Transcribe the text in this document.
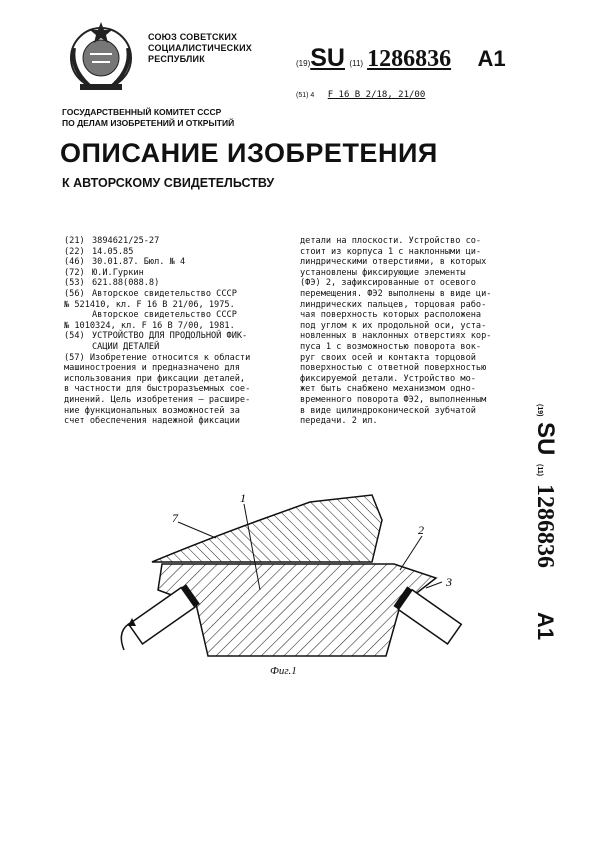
СОЮЗ СОВЕТСКИХ
СОЦИАЛИСТИЧЕСКИХ
РЕСПУБЛИК	(19)SU (11) 1286836 A1
(51) 4 F 16 B 2/18, 21/00
ГОСУДАРСТВЕННЫЙ КОМИТЕТ СССР
ПО ДЕЛАМ ИЗОБРЕТЕНИЙ И ОТКРЫТИЙ
ОПИСАНИЕ ИЗОБРЕТЕНИЯ
К АВТОРСКОМУ СВИДЕТЕЛЬСТВУ
(21) 3894621/25-27
(22) 14.05.85
(46) 30.01.87. Бюл. № 4
(72) Ю.И.Гуркин
(53) 621.88(088.8)
(56) Авторское свидетельство СССР
№ 521410, кл. F 16 В 21/06, 1975.
Авторское свидетельство СССР
№ 1010324, кл. F 16 В 7/00, 1981.
(54) УСТРОЙСТВО ДЛЯ ПРОДОЛЬНОЙ ФИК-
САЦИИ ДЕТАЛЕЙ
(57) Изобретение относится к области
машиностроения и предназначено для
использования при фиксации деталей,
в частности для быстроразъемных сое-
динений. Цель изобретения – расшире-
ние функциональных возможностей за
счет обеспечения надежной фиксации
детали на плоскости. Устройство со-
стоит из корпуса 1 с наклонными ци-
линдрическими отверстиями, в которых
установлены фиксирующие элементы
(ФЭ) 2, зафиксированные от осевого
перемещения. ФЭ2 выполнены в виде ци-
линдрических пальцев, торцовая рабо-
чая поверхность которых расположена
под углом к их продольной оси, уста-
новленных в наклонных отверстиях кор-
пуса 1 с возможностью поворота вок-
руг своих осей и контакта торцовой
поверхностью с ответной поверхностью
фиксируемой детали. Устройство мо-
жет быть снабжено механизмом одно-
временного поворота ФЭ2, выполненным
в виде цилиндроконической зубчатой
передачи. 2 ил.
(19)
SU
(11)
1286836
A1
1
7
2
3
Фиг.1
